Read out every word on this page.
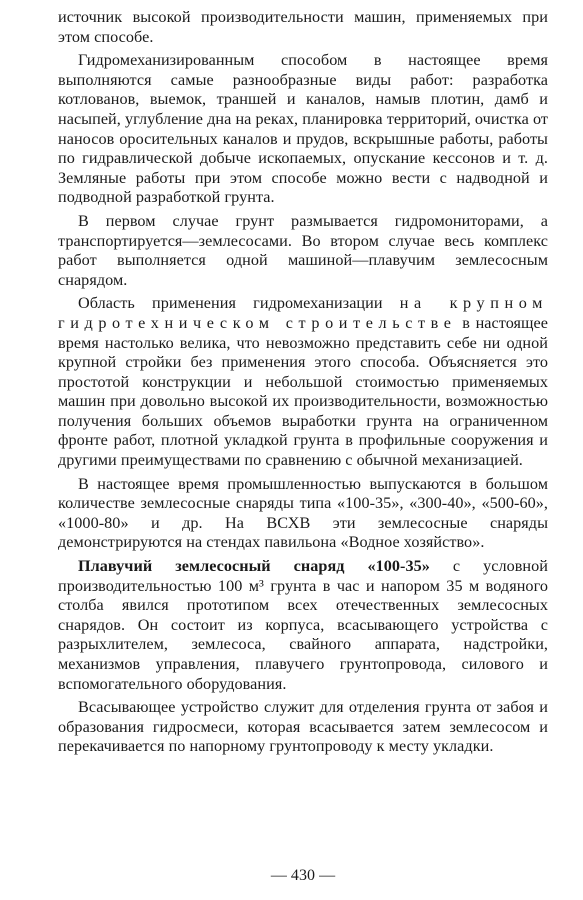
источник высокой производительности машин, применяемых при этом способе.

Гидромеханизированным способом в настоящее время выполняются самые разнообразные виды работ: разработка котлованов, выемок, траншей и каналов, намыв плотин, дамб и насыпей, углубление дна на реках, планировка территорий, очистка от наносов оросительных каналов и прудов, вскрышные работы, работы по гидравлической добыче ископаемых, опускание кессонов и т. д. Земляные работы при этом способе можно вести с надводной и подводной разработкой грунта.

В первом случае грунт размывается гидромониторами, а транспортируется—землесосами. Во втором случае весь комплекс работ выполняется одной машиной—плавучим землесосным снарядом.

Область применения гидромеханизации на крупном гидротехническом строительстве в настоящее время настолько велика, что невозможно представить себе ни одной крупной стройки без применения этого способа. Объясняется это простотой конструкции и небольшой стоимостью применяемых машин при довольно высокой их производительности, возможностью получения больших объемов выработки грунта на ограниченном фронте работ, плотной укладкой грунта в профильные сооружения и другими преимуществами по сравнению с обычной механизацией.

В настоящее время промышленностью выпускаются в большом количестве землесосные снаряды типа «100-35», «300-40», «500-60», «1000-80» и др. На ВСХВ эти землесосные снаряды демонстрируются на стендах павильона «Водное хозяйство».

Плавучий землесосный снаряд «100-35» с условной производительностью 100 м³ грунта в час и напором 35 м водяного столба явился прототипом всех отечественных землесосных снарядов. Он состоит из корпуса, всасывающего устройства с разрыхлителем, землесоса, свайного аппарата, надстройки, механизмов управления, плавучего грунтопровода, силового и вспомогательного оборудования.

Всасывающее устройство служит для отделения грунта от забоя и образования гидросмеси, которая всасывается затем землесосом и перекачивается по напорному грунтопроводу к месту укладки.

— 430 —
